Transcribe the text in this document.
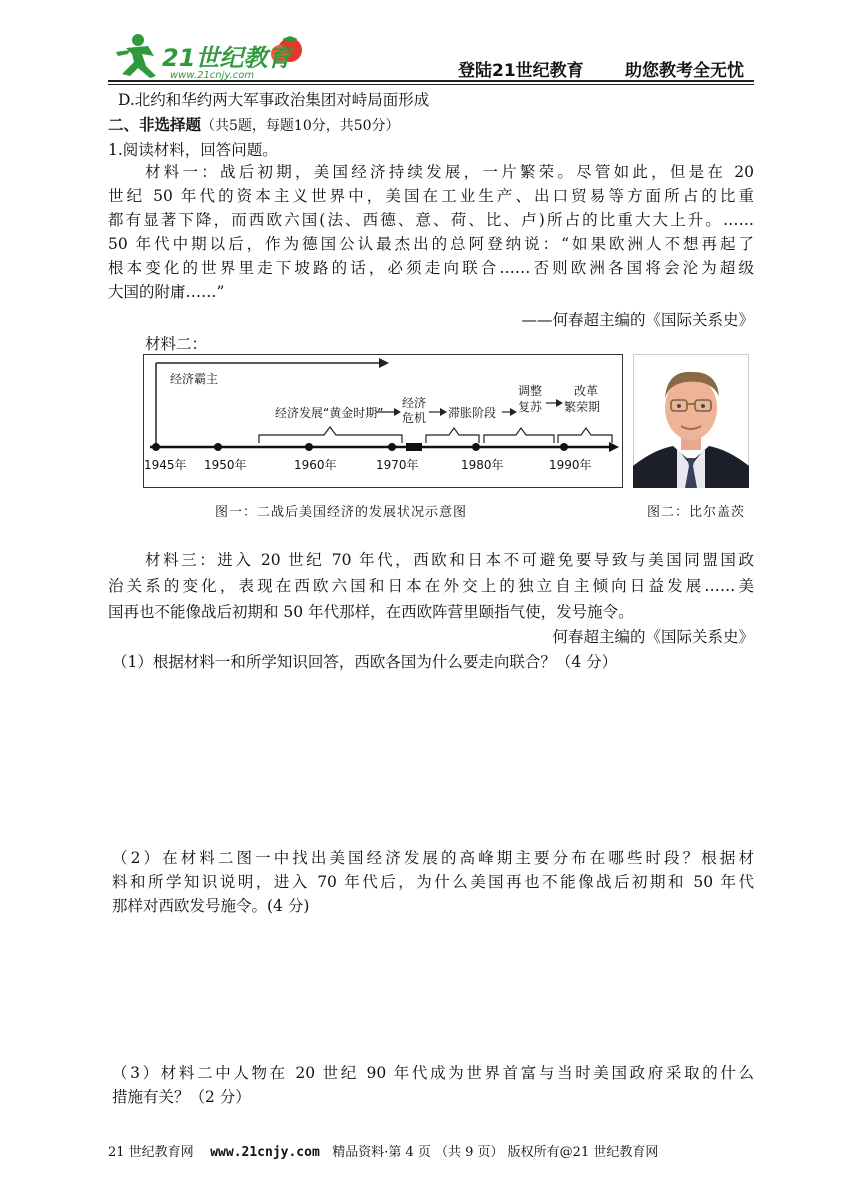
21世纪教育
www.21cnjy.com	登陆21世纪教育 助您教考全无忧
D.北约和华约两大军事政治集团对峙局面形成
二、非选择题（共5题，每题10分，共50分）
1.阅读材料，回答问题。
材料一：战后初期，美国经济持续发展，一片繁荣。尽管如此，但是在 20
世纪 50 年代的资本主义世界中，美国在工业生产、出口贸易等方面所占的比重
都有显著下降，而西欧六国(法、西德、意、荷、比、卢)所占的比重大大上升。……
50 年代中期以后，作为德国公认最杰出的总阿登纳说：“如果欧洲人不想再起了
根本变化的世界里走下坡路的话，必须走向联合……否则欧洲各国将会沦为超级
大国的附庸……”
——何春超主编的《国际关系史》
材料二：
经济霸主
经济发展“黄金时期”
经济
危机 滞胀阶段
调整
复苏
改革
繁荣期
1945年 1950年	1960年	1970年	1980年	1990年
图一：二战后美国经济的发展状况示意图	图二：比尔盖茨
材料三：进入 20 世纪 70 年代，西欧和日本不可避免要导致与美国同盟国政
治关系的变化，表现在西欧六国和日本在外交上的独立自主倾向日益发展……美
国再也不能像战后初期和 50 年代那样，在西欧阵营里颐指气使，发号施令。
何春超主编的《国际关系史》
（1）根据材料一和所学知识回答，西欧各国为什么要走向联合？（4 分）
（2）在材料二图一中找出美国经济发展的高峰期主要分布在哪些时段？根据材
料和所学知识说明，进入 70 年代后，为什么美国再也不能像战后初期和 50 年代
那样对西欧发号施令。(4 分)
（3）材料二中人物在 20 世纪 90 年代成为世界首富与当时美国政府采取的什么
措施有关？（2 分）
21 世纪教育网 www.21cnjy.com 精品资料·第 4 页 （共 9 页） 版权所有@21 世纪教育网
